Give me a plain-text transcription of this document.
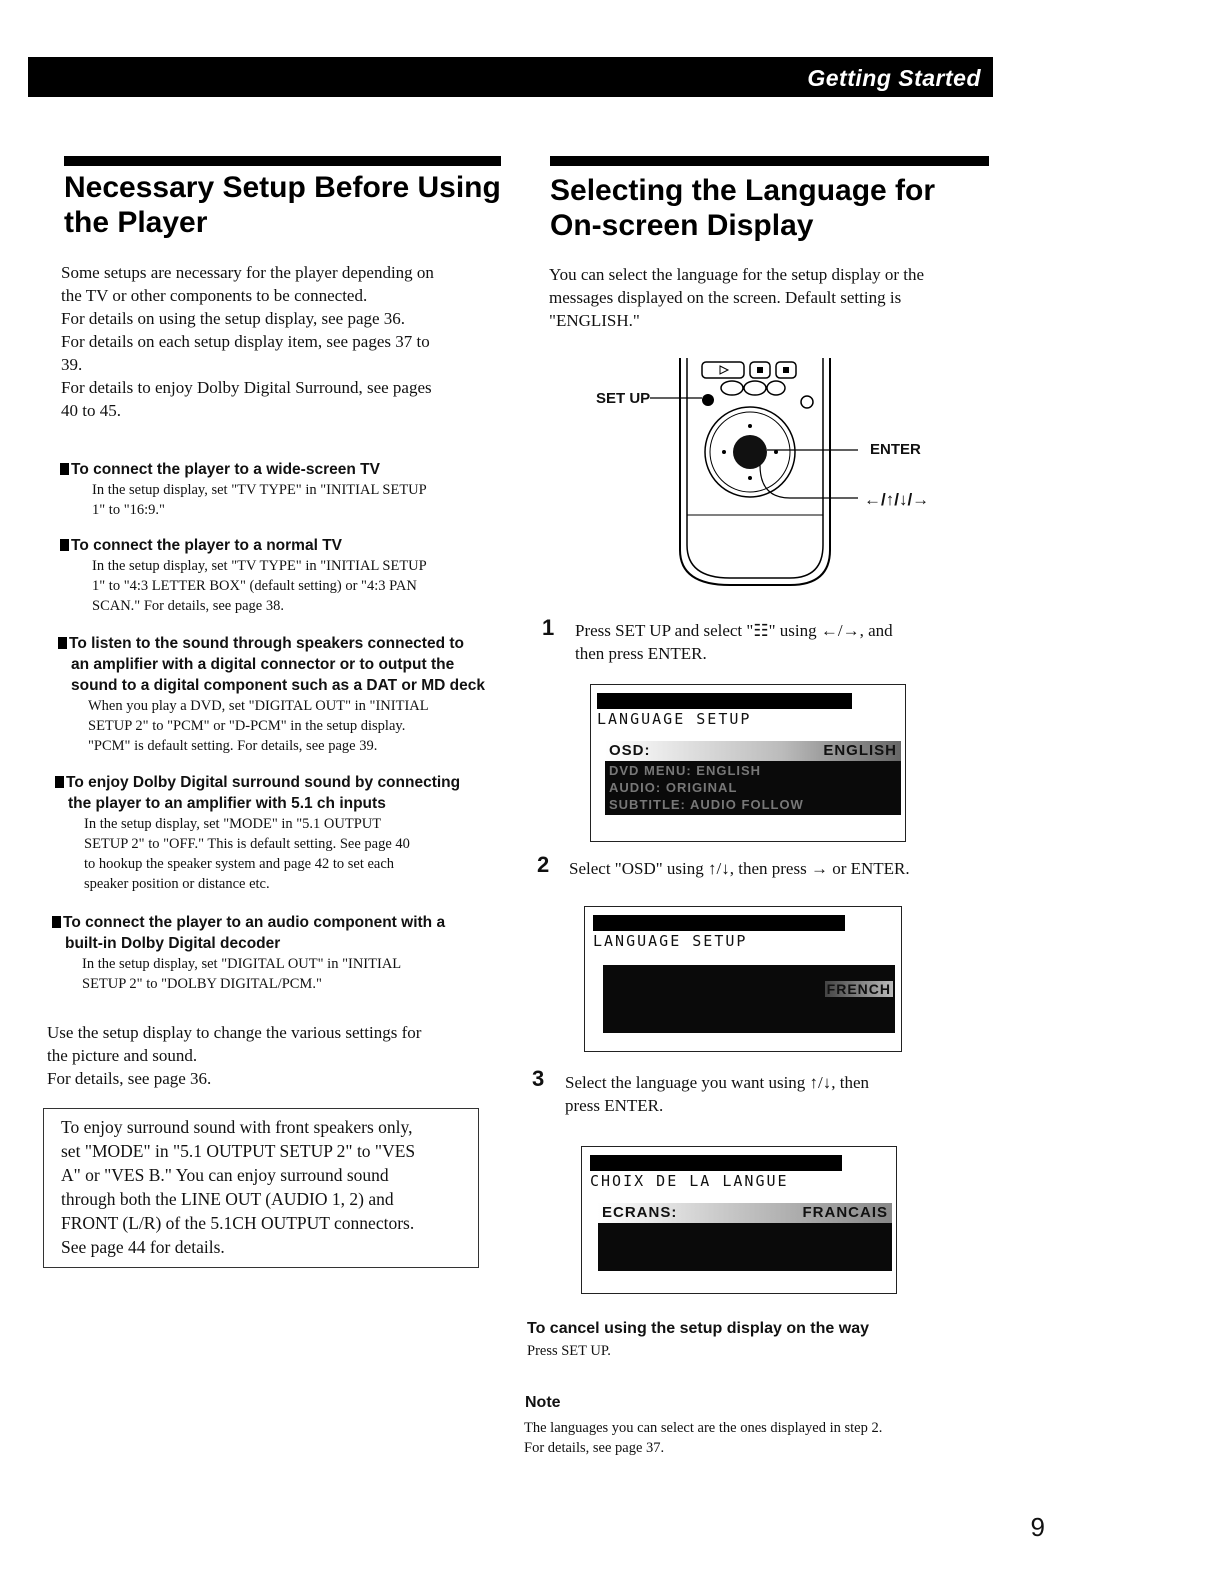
Getting Started
Necessary Setup Before Using
the Player
Some setups are necessary for the player depending on
the TV or other components to be connected.
For details on using the setup display, see page 36.
For details on each setup display item, see pages 37 to
39.
For details to enjoy Dolby Digital Surround, see pages
40 to 45.
To connect the player to a wide-screen TV
In the setup display, set "TV TYPE" in "INITIAL SETUP
1" to "16:9."
To connect the player to a normal TV
In the setup display, set "TV TYPE" in "INITIAL SETUP
1" to "4:3 LETTER BOX" (default setting) or "4:3 PAN
SCAN." For details, see page 38.
To listen to the sound through speakers connected to
an amplifier with a digital connector or to output the
sound to a digital component such as a DAT or MD deck
When you play a DVD, set "DIGITAL OUT" in "INITIAL
SETUP 2" to "PCM" or "D-PCM" in the setup display.
"PCM" is default setting. For details, see page 39.
To enjoy Dolby Digital surround sound by connecting
the player to an amplifier with 5.1 ch inputs
In the setup display, set "MODE" in "5.1 OUTPUT
SETUP 2" to "OFF." This is default setting. See page 40
to hookup the speaker system and page 42 to set each
speaker position or distance etc.
To connect the player to an audio component with a
built-in Dolby Digital decoder
In the setup display, set "DIGITAL OUT" in "INITIAL
SETUP 2" to "DOLBY DIGITAL/PCM."
Use the setup display to change the various settings for
the picture and sound.
For details, see page 36.
To enjoy surround sound with front speakers only,
set "MODE" in "5.1 OUTPUT SETUP 2" to "VES
A" or "VES B." You can enjoy surround sound
through both the LINE OUT (AUDIO 1, 2) and
FRONT (L/R) of the 5.1CH OUTPUT connectors.
See page 44 for details.
Selecting the Language for
On-screen Display
You can select the language for the setup display or the
messages displayed on the screen. Default setting is
"ENGLISH."
SET UP
ENTER
←/↑/↓/→
1 Press SET UP and select "☷" using ←/→, and
then press ENTER.
LANGUAGE SETUP
OSD:	ENGLISH
DVD MENU: ENGLISH
AUDIO: ORIGINAL
SUBTITLE: AUDIO FOLLOW
2 Select "OSD" using ↑/↓, then press → or ENTER.
LANGUAGE SETUP
FRENCH
3 Select the language you want using ↑/↓, then
press ENTER.
CHOIX DE LA LANGUE
ECRANS:	FRANCAIS
To cancel using the setup display on the way
Press SET UP.
Note
The languages you can select are the ones displayed in step 2.
For details, see page 37.
9
